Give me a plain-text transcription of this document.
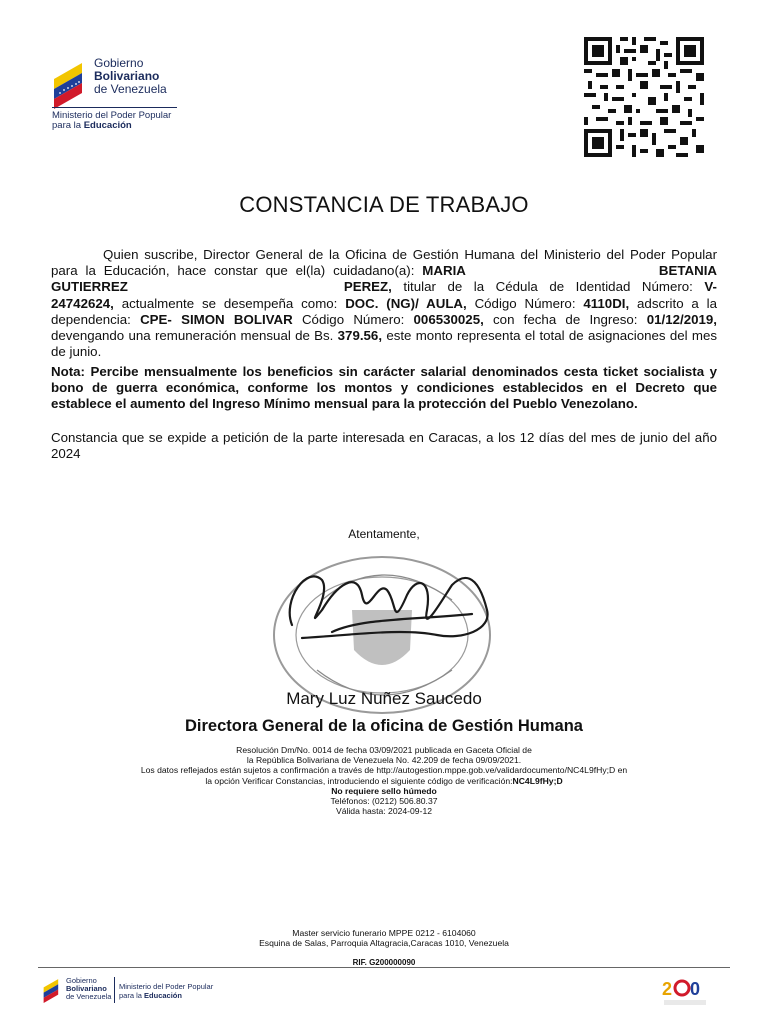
Gobierno
Bolivariano
de Venezuela
Ministerio del Poder Popular
para la Educación
CONSTANCIA DE TRABAJO
Quien suscribe, Director General de la Oficina de Gestión Humana del Ministerio del Poder Popular para la Educación, hace constar que el(la) cuidadano(a): MARIA	BETANIA GUTIERREZ	PEREZ, titular de la Cédula de Identidad Número: V-24742624, actualmente se desempeña como: DOC. (NG)/ AULA, Código Número: 4110DI, adscrito a la dependencia: CPE- SIMON BOLIVAR Código Número: 006530025, con fecha de Ingreso: 01/12/2019, devengando una remuneración mensual de Bs. 379.56, este monto representa el total de asignaciones del mes de junio.
Nota: Percibe mensualmente los beneficios sin carácter salarial denominados cesta ticket socialista y bono de guerra económica, conforme los montos y condiciones establecidos en el Decreto que establece el aumento del Ingreso Mínimo mensual para la protección del Pueblo Venezolano.
Constancia que se expide a petición de la parte interesada en Caracas, a los 12 días del mes de junio del año 2024
Atentamente,
Mary Luz Nuñez Saucedo
Directora General de la oficina de Gestión Humana
Resolución Dm/No. 0014 de fecha 03/09/2021 publicada en Gaceta Oficial de
la República Bolivariana de Venezuela No. 42.209 de fecha 09/09/2021.
Los datos reflejados están sujetos a confirmación a través de http://autogestion.mppe.gob.ve/validardocumento/NC4L9fHy;D en
la opción Verificar Constancias, introduciendo el siguiente código de verificación:NC4L9fHy;D
No requiere sello húmedo
Teléfonos: (0212) 506.80.37
Válida hasta: 2024-09-12
Master servicio funerario MPPE 0212 - 6104060
Esquina de Salas, Parroquia Altagracia,Caracas 1010, Venezuela
RIF. G200000090
Gobierno
Bolivariano
de Venezuela
Ministerio del Poder Popular
para la Educación	2 0
